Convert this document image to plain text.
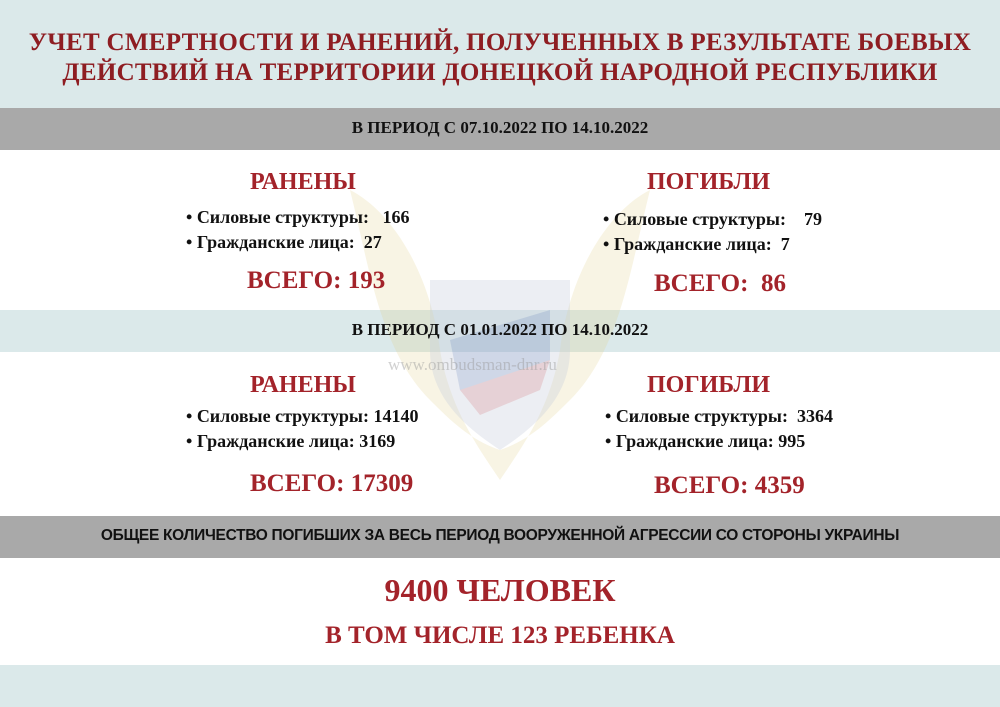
www.ombudsman-dnr.ru
УЧЕТ СМЕРТНОСТИ И РАНЕНИЙ, ПОЛУЧЕННЫХ В РЕЗУЛЬТАТЕ БОЕВЫХ
ДЕЙСТВИЙ НА ТЕРРИТОРИИ ДОНЕЦКОЙ НАРОДНОЙ РЕСПУБЛИКИ
В ПЕРИОД С 07.10.2022 ПО 14.10.2022
РАНЕНЫ
• Силовые структуры: 166
• Гражданские лица: 27
ВСЕГО: 193
ПОГИБЛИ
• Силовые структуры: 79
• Гражданские лица: 7
ВСЕГО: 86
В ПЕРИОД С 01.01.2022 ПО 14.10.2022
РАНЕНЫ
• Силовые структуры: 14140
• Гражданские лица: 3169
ВСЕГО: 17309
ПОГИБЛИ
• Силовые структуры: 3364
• Гражданские лица: 995
ВСЕГО: 4359
ОБЩЕЕ КОЛИЧЕСТВО ПОГИБШИХ ЗА ВЕСЬ ПЕРИОД ВООРУЖЕННОЙ АГРЕССИИ СО СТОРОНЫ УКРАИНЫ
9400 ЧЕЛОВЕК
В ТОМ ЧИСЛЕ 123 РЕБЕНКА
